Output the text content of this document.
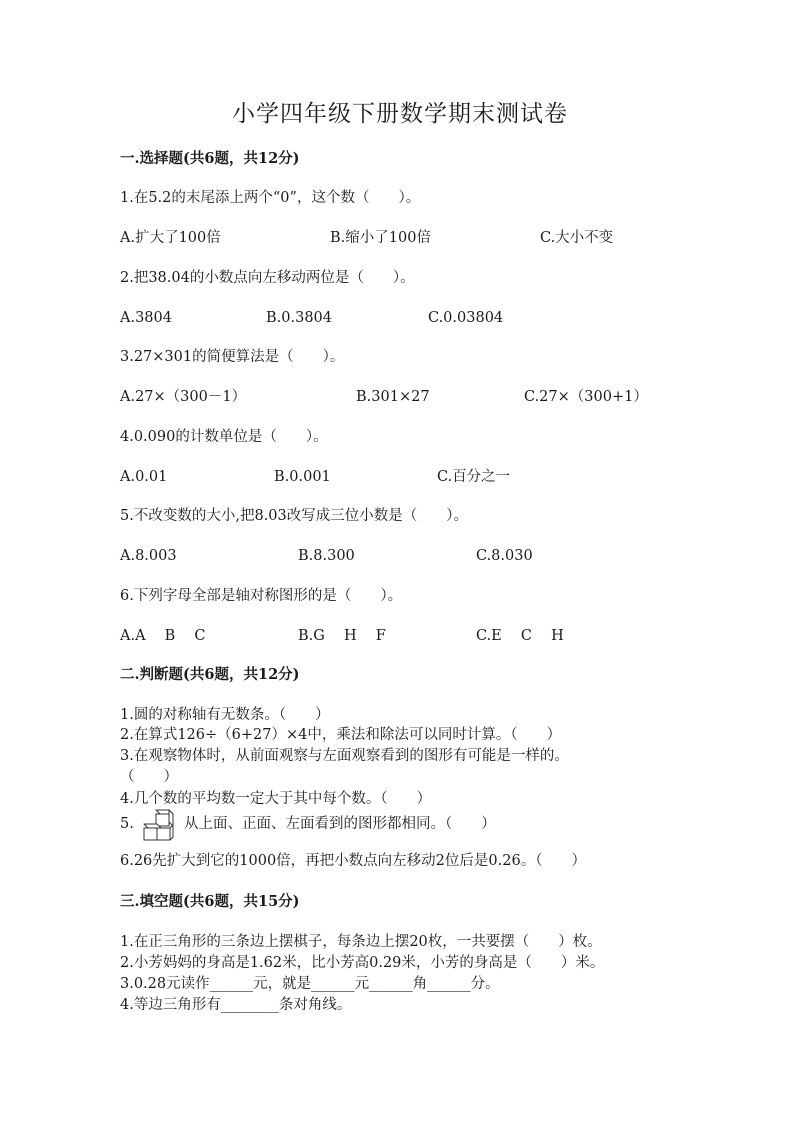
小学四年级下册数学期末测试卷
一.选择题(共6题，共12分)
1.在5.2的末尾添上两个“0”，这个数（　　）。
A.扩大了100倍	B.缩小了100倍	C.大小不变
2.把38.04的小数点向左移动两位是（　　）。
A.3804	B.0.3804	C.0.03804
3.27×301的简便算法是（　　）。
A.27×（300－1）	B.301×27	C.27×（300+1）
4.0.090的计数单位是（　　）。
A.0.01	B.0.001	C.百分之一
5.不改变数的大小,把8.03改写成三位小数是（　　）。
A.8.003	B.8.300	C.8.030
6.下列字母全部是轴对称图形的是（　　）。
A.A　 B　 C	B.G　 H　 F	C.E　 C　 H
二.判断题(共6题，共12分)
1.圆的对称轴有无数条。（　　）
2.在算式126÷（6+27）×4中，乘法和除法可以同时计算。（　　）
3.在观察物体时，从前面观察与左面观察看到的图形有可能是一样的。
（　　）
4.几个数的平均数一定大于其中每个数。（　　）
5.	从上面、正面、左面看到的图形都相同。（　　）
6.26先扩大到它的1000倍，再把小数点向左移动2位后是0.26。（　　）
三.填空题(共6题，共15分)
1.在正三角形的三条边上摆棋子，每条边上摆20枚，一共要摆（　　）枚。
2.小芳妈妈的身高是1.62米，比小芳高0.29米，小芳的身高是（　　）米。
3.0.28元读作______元，就是______元______角______分。
4.等边三角形有________条对角线。
